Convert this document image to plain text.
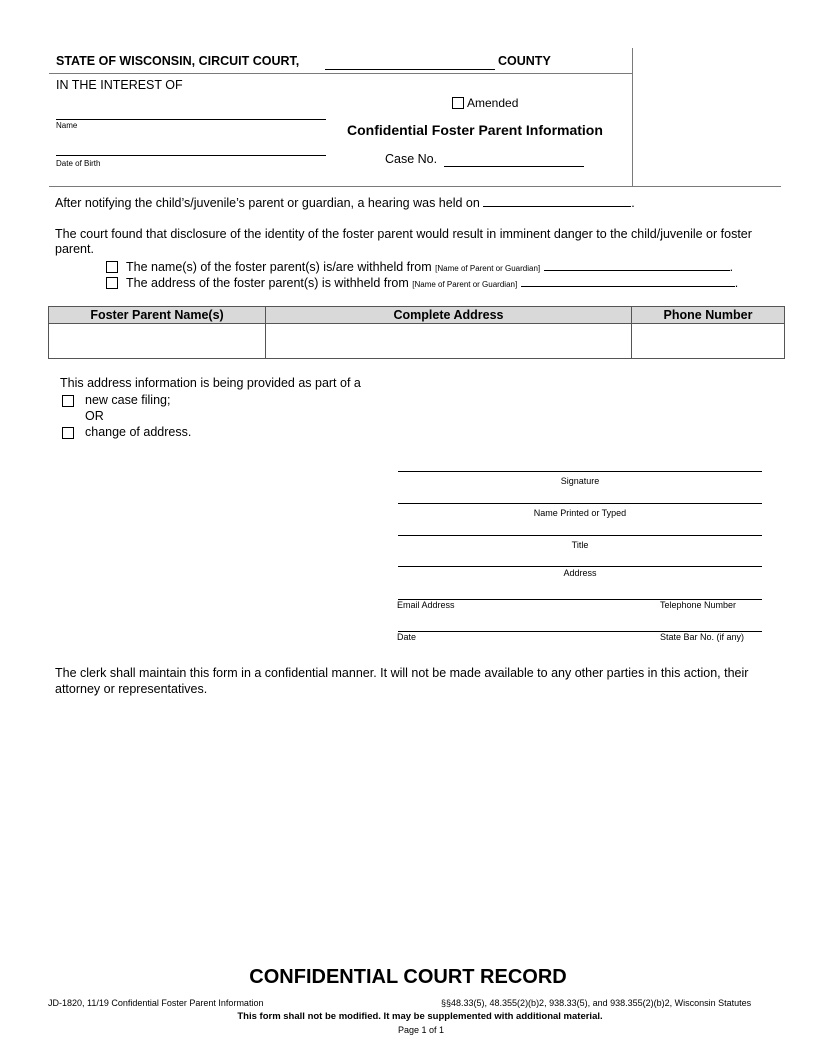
STATE OF WISCONSIN, CIRCUIT COURT,	COUNTY
IN THE INTEREST OF
Amended
Name	Confidential Foster Parent Information
Date of Birth	Case No.
After notifying the child’s/juvenile’s parent or guardian, a hearing was held on	.
The court found that disclosure of the identity of the foster parent would result in imminent danger to the child/juvenile or foster parent.
The name(s) of the foster parent(s) is/are withheld from [Name of Parent or Guardian]	.
The address of the foster parent(s) is withheld from [Name of Parent or Guardian]	.
Foster Parent Name(s)	Complete Address	Phone Number

This address information is being provided as part of a
new case filing;
OR
change of address.
Signature
Name Printed or Typed
Title
Address
Email Address	Telephone Number
Date	State Bar No. (if any)
The clerk shall maintain this form in a confidential manner. It will not be made available to any other parties in this action, their attorney or representatives.
CONFIDENTIAL COURT RECORD
JD-1820, 11/19 Confidential Foster Parent Information	§§48.33(5), 48.355(2)(b)2, 938.33(5), and 938.355(2)(b)2, Wisconsin Statutes
This form shall not be modified. It may be supplemented with additional material.
Page 1 of 1
